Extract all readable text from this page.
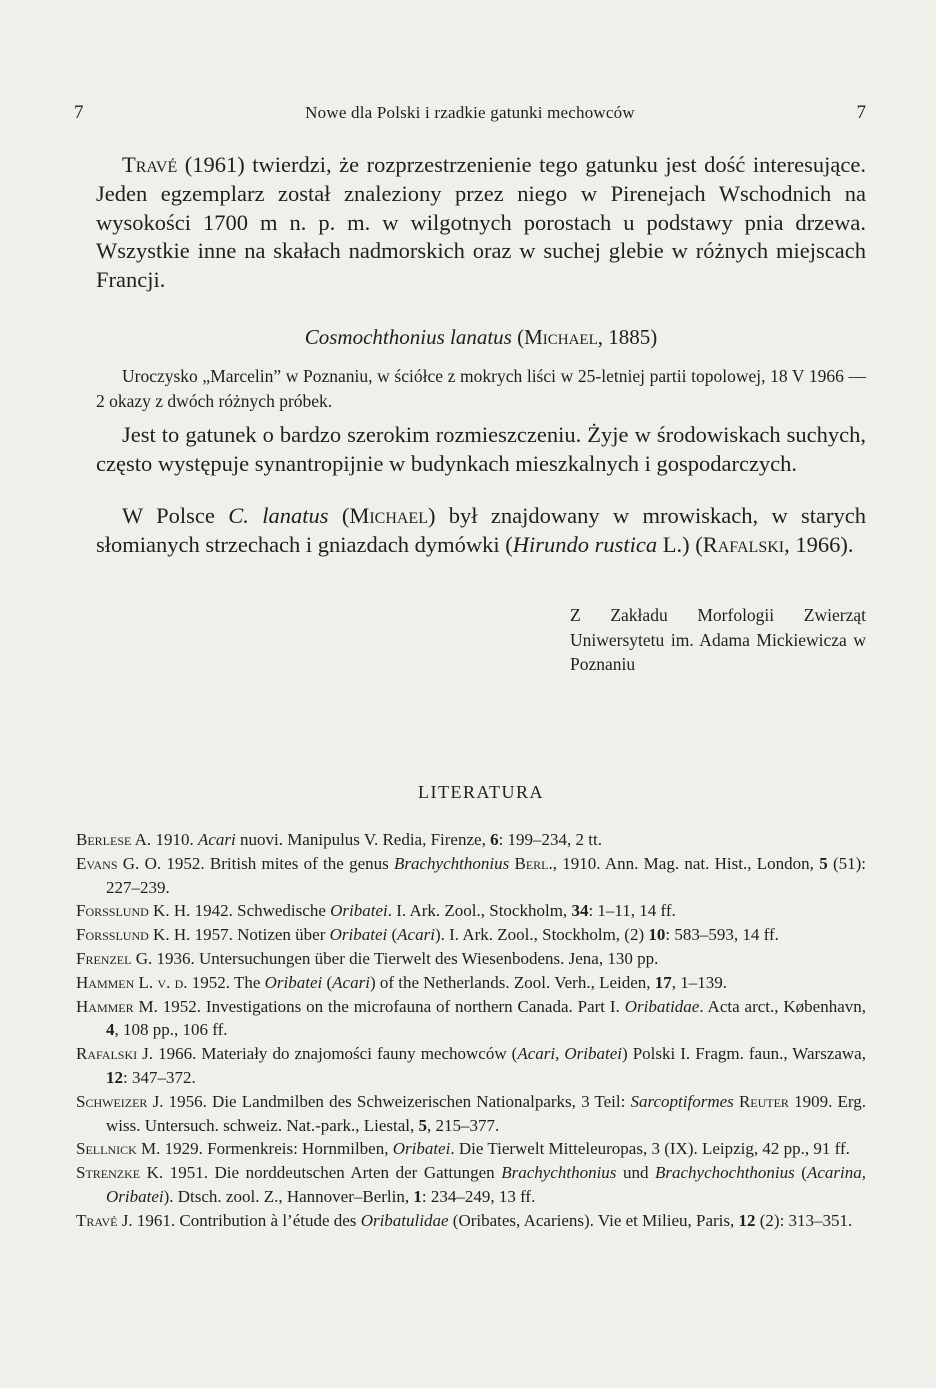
7	Nowe dla Polski i rzadkie gatunki mechowców	7

Travé (1961) twierdzi, że rozprzestrzenienie tego gatunku jest dość interesujące. Jeden egzemplarz został znaleziony przez niego w Pirenejach Wschodnich na wysokości 1700 m n. p. m. w wilgotnych porostach u podstawy pnia drzewa. Wszystkie inne na skałach nadmorskich oraz w suchej glebie w różnych miejscach Francji.

Cosmochthonius lanatus (Michael, 1885)

Uroczysko „Marcelin” w Poznaniu, w ściółce z mokrych liści w 25-letniej partii topolowej, 18 V 1966 — 2 okazy z dwóch różnych próbek.

Jest to gatunek o bardzo szerokim rozmieszczeniu. Żyje w środowiskach suchych, często występuje synantropijnie w budynkach mieszkalnych i gospodarczych.

W Polsce C. lanatus (Michael) był znajdowany w mrowiskach, w starych słomianych strzechach i gniazdach dymówki (Hirundo rustica L.) (Rafalski, 1966).

Z Zakładu Morfologii Zwierząt Uniwersytetu im. Adama Mickiewicza w Poznaniu

LITERATURA
Berlese A. 1910. Acari nuovi. Manipulus V. Redia, Firenze, 6: 199–234, 2 tt.
Evans G. O. 1952. British mites of the genus Brachychthonius Berl., 1910. Ann. Mag. nat. Hist., London, 5 (51): 227–239.
Forsslund K. H. 1942. Schwedische Oribatei. I. Ark. Zool., Stockholm, 34: 1–11, 14 ff.
Forsslund K. H. 1957. Notizen über Oribatei (Acari). I. Ark. Zool., Stockholm, (2) 10: 583–593, 14 ff.
Frenzel G. 1936. Untersuchungen über die Tierwelt des Wiesenbodens. Jena, 130 pp.
Hammen L. v. d. 1952. The Oribatei (Acari) of the Netherlands. Zool. Verh., Leiden, 17, 1–139.
Hammer M. 1952. Investigations on the microfauna of northern Canada. Part I. Oribatidae. Acta arct., København, 4, 108 pp., 106 ff.
Rafalski J. 1966. Materiały do znajomości fauny mechowców (Acari, Oribatei) Polski I. Fragm. faun., Warszawa, 12: 347–372.
Schweizer J. 1956. Die Landmilben des Schweizerischen Nationalparks, 3 Teil: Sarcoptiformes Reuter 1909. Erg. wiss. Untersuch. schweiz. Nat.-park., Liestal, 5, 215–377.
Sellnick M. 1929. Formenkreis: Hornmilben, Oribatei. Die Tierwelt Mitteleuropas, 3 (IX). Leipzig, 42 pp., 91 ff.
Strenzke K. 1951. Die norddeutschen Arten der Gattungen Brachychthonius und Brachychochthonius (Acarina, Oribatei). Dtsch. zool. Z., Hannover–Berlin, 1: 234–249, 13 ff.
Travé J. 1961. Contribution à l’étude des Oribatulidae (Oribates, Acariens). Vie et Milieu, Paris, 12 (2): 313–351.
